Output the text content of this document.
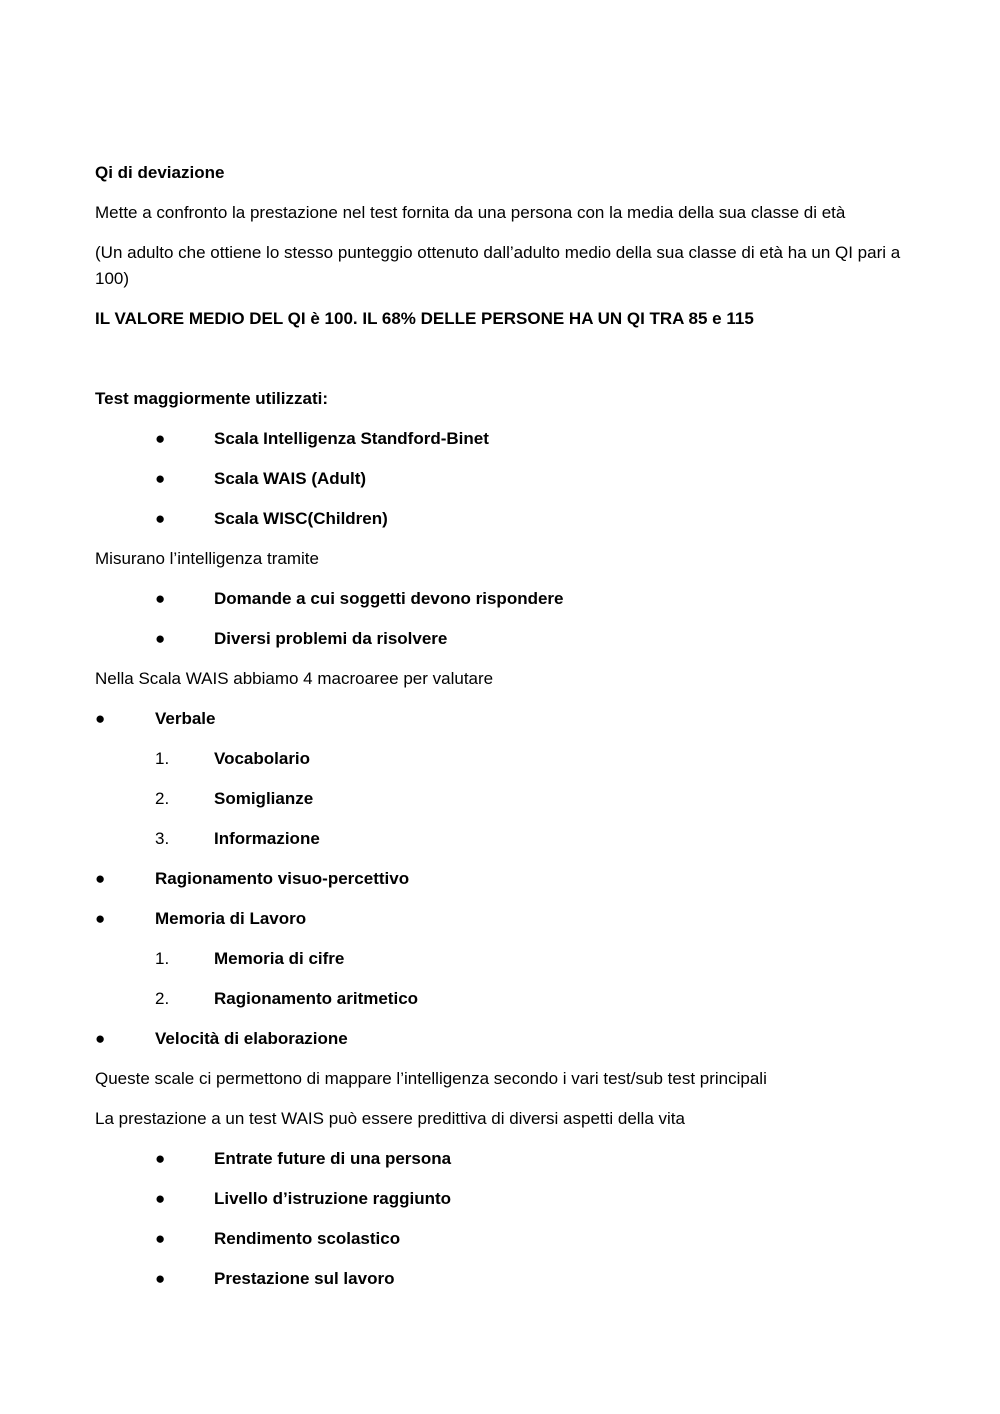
Qi di deviazione
Mette a confronto la prestazione nel test fornita da una persona con la media della sua classe di età
(Un adulto che ottiene lo stesso punteggio ottenuto dall’adulto medio della sua classe di età ha un QI pari a 100)
IL VALORE MEDIO DEL QI è 100. IL 68% DELLE PERSONE HA UN QI TRA 85 e 115
Test maggiormente utilizzati:
●	Scala Intelligenza Standford-Binet
●	Scala WAIS (Adult)
●	Scala WISC(Children)
Misurano l’intelligenza tramite
●	Domande a cui soggetti devono rispondere
●	Diversi problemi da risolvere
Nella Scala WAIS abbiamo 4 macroaree per valutare
●	Verbale
1.	Vocabolario
2.	Somiglianze
3.	Informazione
●	Ragionamento visuo-percettivo
●	Memoria di Lavoro
1.	Memoria di cifre
2.	Ragionamento aritmetico
●	Velocità di elaborazione
Queste scale ci permettono di mappare l’intelligenza secondo i vari test/sub test principali
La prestazione a un test WAIS può essere predittiva di diversi aspetti della vita
●	Entrate future di una persona
●	Livello d’istruzione raggiunto
●	Rendimento scolastico
●	Prestazione sul lavoro
